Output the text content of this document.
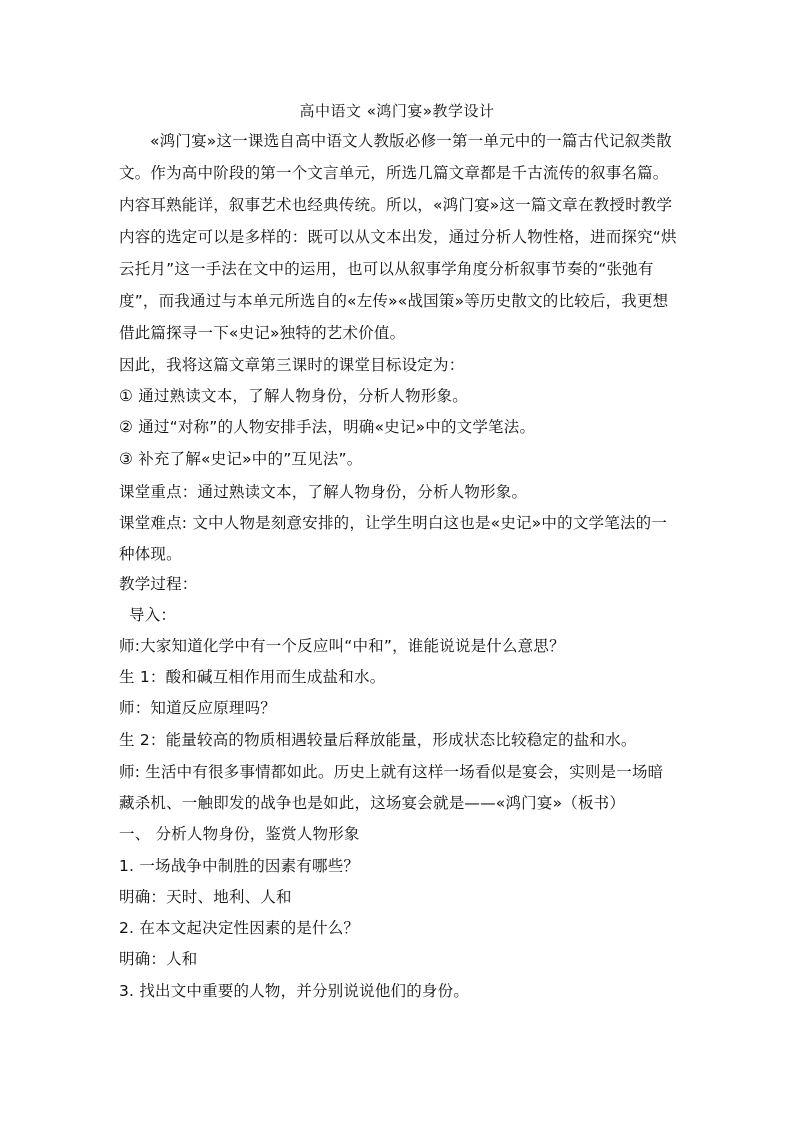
高中语文 «鸿门宴»教学设计
«鸿门宴»这一课选自高中语文人教版必修一第一单元中的一篇古代记叙类散
文。作为高中阶段的第一个文言单元，所选几篇文章都是千古流传的叙事名篇。
内容耳熟能详，叙事艺术也经典传统。所以，«鸿门宴»这一篇文章在教授时教学
内容的选定可以是多样的：既可以从文本出发，通过分析人物性格，进而探究“烘
云托月”这一手法在文中的运用，也可以从叙事学角度分析叙事节奏的“张弛有
度”，而我通过与本单元所选自的«左传»«战国策»等历史散文的比较后，我更想
借此篇探寻一下«史记»独特的艺术价值。
因此，我将这篇文章第三课时的课堂目标设定为：
① 通过熟读文本，了解人物身份，分析人物形象。
② 通过“对称”的人物安排手法，明确«史记»中的文学笔法。
③ 补充了解«史记»中的”互见法”。
课堂重点：通过熟读文本，了解人物身份，分析人物形象。
课堂难点: 文中人物是刻意安排的，让学生明白这也是«史记»中的文学笔法的一
种体现。
教学过程：
导入：
师:大家知道化学中有一个反应叫“中和”，谁能说说是什么意思？
生 1：酸和碱互相作用而生成盐和水。
师：知道反应原理吗？
生 2：能量较高的物质相遇较量后释放能量，形成状态比较稳定的盐和水。
师: 生活中有很多事情都如此。历史上就有这样一场看似是宴会，实则是一场暗
藏杀机、一触即发的战争也是如此，这场宴会就是——«鸿门宴»（板书）
一、 分析人物身份，鉴赏人物形象
1. 一场战争中制胜的因素有哪些？
明确：天时、地利、人和
2. 在本文起决定性因素的是什么？
明确：人和
3. 找出文中重要的人物，并分别说说他们的身份。
